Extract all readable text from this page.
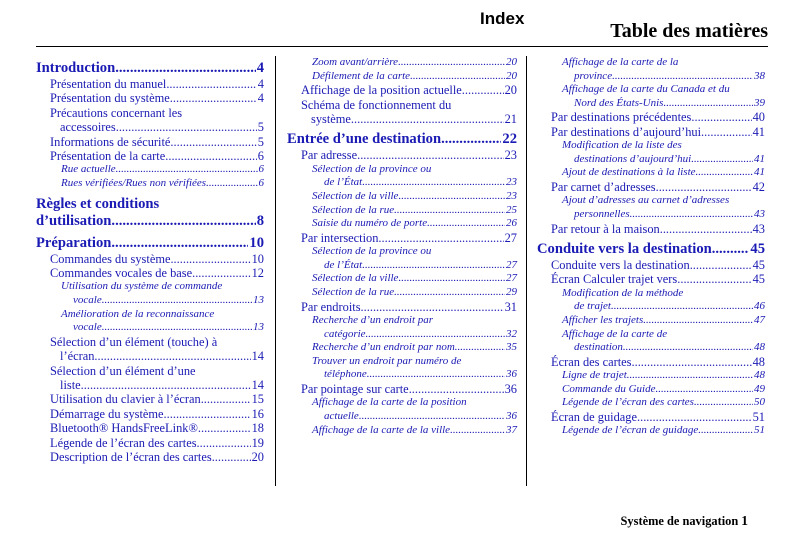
Index
Table des matières
Introduction .....	4
Présentation du manuel .....	4
Présentation du système .....	4
Précautions concernant les
accessoires .....	5
Informations de sécurité .....	5
Présentation de la carte .....	6
Rue actuelle .....	6
Rues vérifiées/Rues non vérifiées .....	6
Règles et conditions
d’utilisation .....	8
Préparation .....	10
Commandes du système .....	10
Commandes vocales de base .....	12
Utilisation du système de commande
vocale .....	13
Amélioration de la reconnaissance
vocale .....	13
Sélection d’un élément (touche) à
l’écran .....	14
Sélection d’un élément d’une
liste .....	14
Utilisation du clavier à l’écran .....	15
Démarrage du système .....	16
Bluetooth® HandsFreeLink® .....	18
Légende de l’écran des cartes .....	19
Description de l’écran des cartes .....	20
Zoom avant/arrière .....	20
Défilement de la carte .....	20
Affichage de la position actuelle .....	20
Schéma de fonctionnement du
système .....	21
Entrée d’une destination .....	22
Par adresse .....	23
Sélection de la province ou
de l’État .....	23
Sélection de la ville .....	23
Sélection de la rue .....	25
Saisie du numéro de porte .....	26
Par intersection .....	27
Sélection de la province ou
de l’État .....	27
Sélection de la ville .....	27
Sélection de la rue .....	29
Par endroits .....	31
Recherche d’un endroit par
catégorie .....	32
Recherche d’un endroit par nom .....	35
Trouver un endroit par numéro de
téléphone .....	36
Par pointage sur carte .....	36
Affichage de la carte de la position
actuelle .....	36
Affichage de la carte de la ville .....	37
Affichage de la carte de la
province .....	38
Affichage de la carte du Canada et du
Nord des États-Unis .....	39
Par destinations précédentes .....	40
Par destinations d’aujourd’hui .....	41
Modification de la liste des
destinations d’aujourd’hui .....	41
Ajout de destinations à la liste .....	41
Par carnet d’adresses .....	42
Ajout d’adresses au carnet d’adresses
personnelles .....	43
Par retour à la maison .....	43
Conduite vers la destination .....	45
Conduite vers la destination .....	45
Écran Calculer trajet vers .....	45
Modification de la méthode
de trajet .....	46
Afficher les trajets .....	47
Affichage de la carte de
destination .....	48
Écran des cartes .....	48
Ligne de trajet .....	48
Commande du Guide .....	49
Légende de l’écran des cartes .....	50
Écran de guidage .....	51
Légende de l’écran de guidage .....	51
Système de navigation 1
